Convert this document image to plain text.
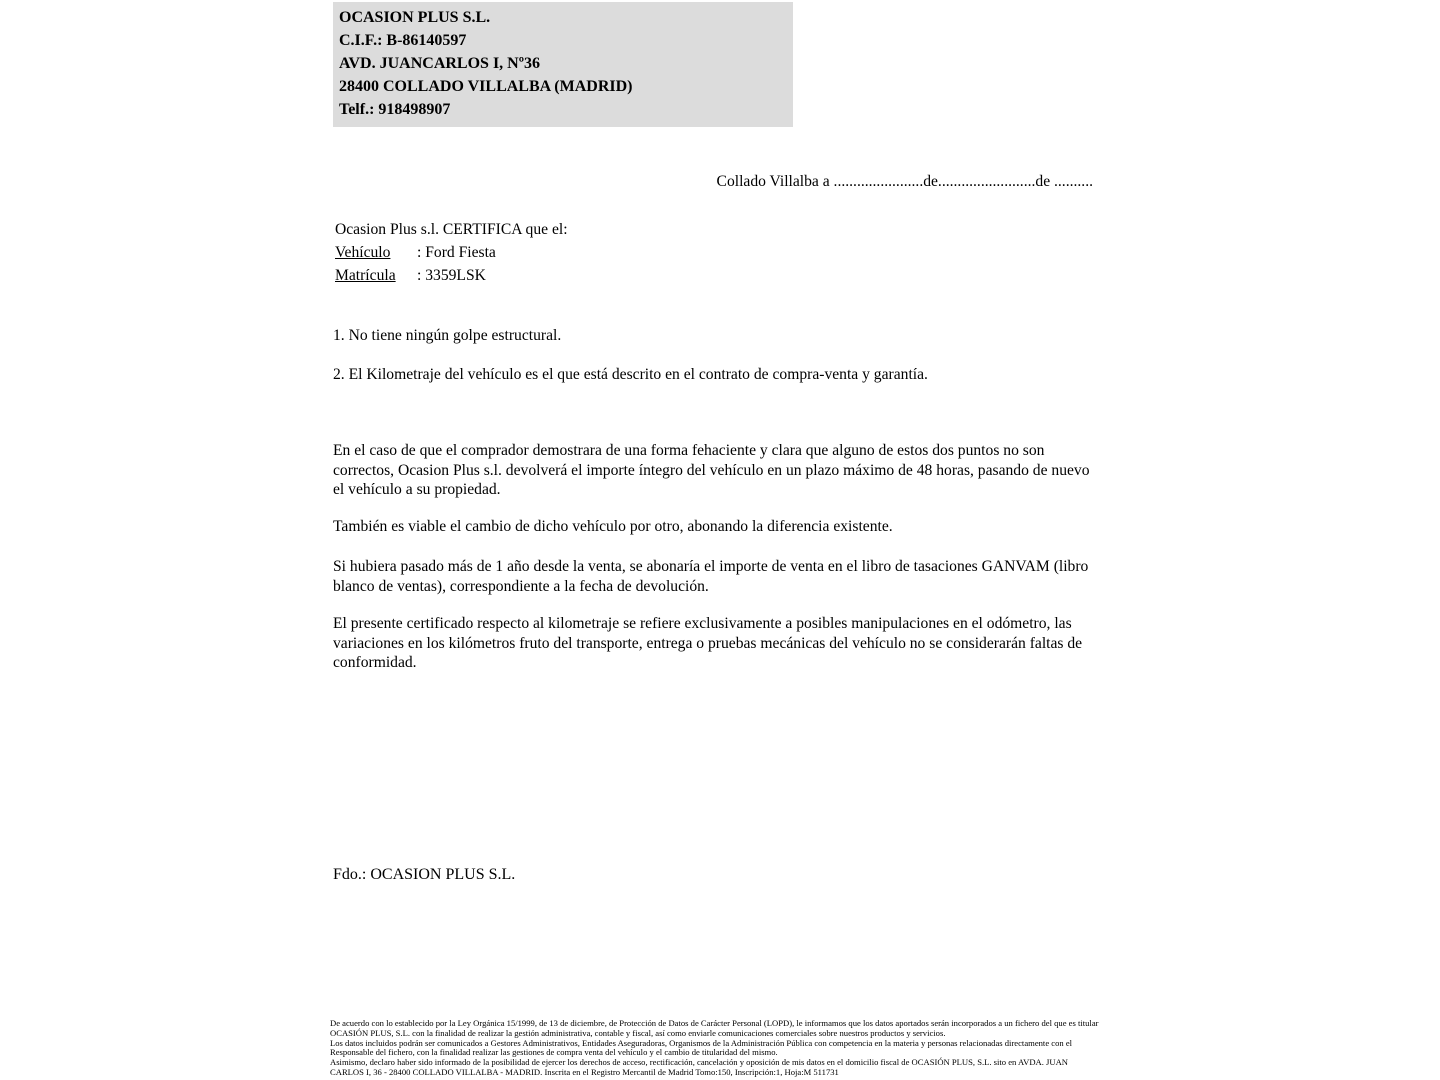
OCASION PLUS S.L.
C.I.F.: B-86140597
AVD. JUANCARLOS I, Nº36
28400 COLLADO VILLALBA (MADRID)
Telf.: 918498907
Collado Villalba a .......................de.........................de ..........
Ocasion Plus s.l. CERTIFICA que el:
Vehículo : Ford Fiesta
Matrícula : 3359LSK
1. No tiene ningún golpe estructural.
2. El Kilometraje del vehículo es el que está descrito en el contrato de compra-venta y garantía.
En el caso de que el comprador demostrara de una forma fehaciente y clara que alguno de estos dos puntos no son correctos, Ocasion Plus s.l. devolverá el importe íntegro del vehículo en un plazo máximo de 48 horas, pasando de nuevo el vehículo a su propiedad.
También es viable el cambio de dicho vehículo por otro, abonando la diferencia existente.
Si hubiera pasado más de 1 año desde la venta, se abonaría el importe de venta en el libro de tasaciones GANVAM (libro blanco de ventas), correspondiente a la fecha de devolución.
El presente certificado respecto al kilometraje se refiere exclusivamente a posibles manipulaciones en el odómetro, las variaciones en los kilómetros fruto del transporte, entrega o pruebas mecánicas del vehículo no se considerarán faltas de conformidad.
Fdo.: OCASION PLUS S.L.

De acuerdo con lo establecido por la Ley Orgánica 15/1999, de 13 de diciembre, de Protección de Datos de Carácter Personal (LOPD), le informamos que los datos aportados serán incorporados a un fichero del que es titular OCASIÓN PLUS, S.L. con la finalidad de realizar la gestión administrativa, contable y fiscal, así como enviarle comunicaciones comerciales sobre nuestros productos y servicios.

Los datos incluidos podrán ser comunicados a Gestores Administrativos, Entidades Aseguradoras, Organismos de la Administración Pública con competencia en la materia y personas relacionadas directamente con el Responsable del fichero, con la finalidad realizar las gestiones de compra venta del vehículo y el cambio de titularidad del mismo.

Asimismo, declaro haber sido informado de la posibilidad de ejercer los derechos de acceso, rectificación, cancelación y oposición de mis datos en el domicilio fiscal de OCASIÓN PLUS, S.L. sito en AVDA. JUAN CARLOS I, 36 - 28400 COLLADO VILLALBA - MADRID. Inscrita en el Registro Mercantil de Madrid Tomo:150, Inscripción:1, Hoja:M 511731
